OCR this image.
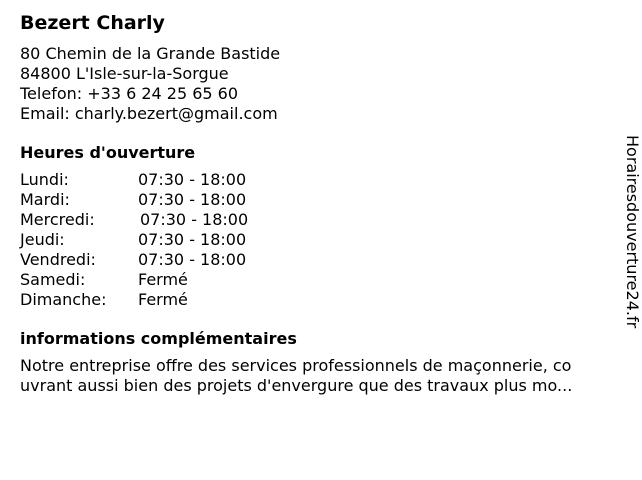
Bezert Charly
80 Chemin de la Grande Bastide
84800 L'Isle-sur-la-Sorgue
Telefon: +33 6 24 25 65 60
Email: charly.bezert@gmail.com
Heures d'ouverture
Lundi:	07:30 - 18:00
Mardi:	07:30 - 18:00
Mercredi:	07:30 - 18:00
Jeudi:	07:30 - 18:00
Vendredi:	07:30 - 18:00
Samedi:	Fermé
Dimanche:	Fermé
informations complémentaires
Notre entreprise offre des services professionnels de maçonnerie, co
uvrant aussi bien des projets d'envergure que des travaux plus mo...
Horairesdouverture24.fr
